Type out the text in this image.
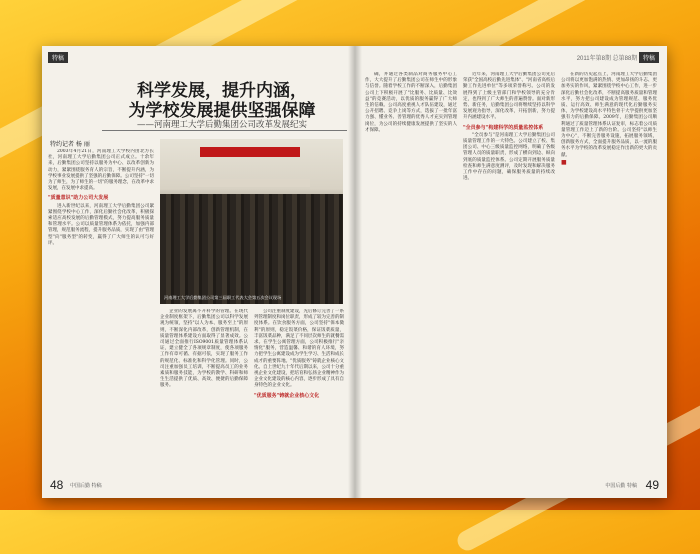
特稿
科学发展，提升内涵，
为学校发展提供坚强保障
——河南理工大学后勤集团公司改革发展纪实
特约记者 杨 丽

2003年4月21日，河南理工大学校内由北方长社，河南理工大学后勤集团公司正式成立。十余年来，后勤集团公司坚持以服务为中心、以改革创新为动力，紧紧围绕服务育人的宗旨，不断提升内涵，为学校事业发展提供了坚强的后勤保障。公司坚持"一切为了师生，为了师生的一切"的服务理念，在改革中求发展，在发展中求提高。

"质量意识"助力公司大发展

进入新世纪以来，河南理工大学后勤集团公司紧紧围绕学校中心工作，深化后勤社会化改革，积极探索适应高校发展的后勤管理模式，努力提高服务质量和管理水平。公司以质量管理体系为依托，加强内部管理，规范服务流程，提升服务品质，实现了由"管理型"向"服务型"的转变，赢得了广大师生的认可与好评。

河南理工大学后勤集团公司第三届职工代表大会第五次会议现场

企业的发展离不开科学的管理。在现代企业制度框架下，后勤集团公司以科学发展观为统领，坚持"以人为本、服务至上"的原则，不断深化内部改革，创新管理机制，在质量管理体系建设方面取得了显著成效。公司通过全面推行ISO9001质量管理体系认证，建立健全了各项规章制度，使各项服务工作有章可循、有据可依，实现了服务工作的规范化、标准化和科学化管理。同时，公司注重加强员工培训，不断提高员工的业务素质和服务技能，为学校的教学、科研和师生生活提供了优质、高效、便捷的后勤保障服务。

公司注重制度建设，先后修订完善了一系列管理制度和岗位职责，形成了较为完善的制度体系。在饮食服务方面，公司坚持"保本微利"的原则，稳定饭菜价格，保证饭菜质量，丰富饭菜品种，满足了不同层次师生的就餐需求。在学生公寓管理方面，公司积极推行"亲情化"服务，营造温馨、和谐的育人环境，努力把学生公寓建设成为学生学习、生活和成长成才的重要阵地。"优质服务"铸就企业核心文化。自上世纪九十年代后期以来，公司十分重视企业文化建设，把培育和弘扬企业精神作为企业文化建设的核心内容，逐步形成了具有自身特色的企业文化。

"优质服务"铸就企业核心文化
48 中国后勤 特稿
2011年第8期 总第88期 特稿

确，并通过各类制品对商务服务中心工作，大大提升了后勤集团公司在师生中的形象与信誉。随着学校工作的不断深入，后勤集团公司上下积极开展了"比服务、比质量、比效益"的竞赛活动，以优质的服务赢得了广大师生的信赖。公司高度重视人才队伍建设，通过公开招聘、竞争上岗等方式，选拔了一批年富力强、懂业务、善管理的优秀人才充实到管理岗位，为公司的持续健康发展提供了坚实的人才保障。

近年来，河南理工大学后勤集团公司先后荣获"全国高校后勤先进集体"、"河南省高校后勤工作先进单位"等多项荣誉称号。公司的发展得到了上级主管部门和学校领导的充分肯定，也得到了广大师生的普遍赞誉。面对新形势、新任务，后勤集团公司将继续坚持以科学发展观为指导，深化改革，开拓创新，努力提升内涵建设水平。

"全员参与"构建科学的质量监控体系

"全员参与"是河南理工大学后勤集团公司质量管理工作的一大特色。公司建立了校、集团公司、中心三级质量监控网络，明确了各级管理人员的质量职责，形成了横向到边、纵向到底的质量监控体系。公司定期开展服务质量检查和师生满意度测评，及时发现和解决服务工作中存在的问题，确保服务质量的持续改进。

在新的历史起点上，河南理工大学后勤集团公司将以更加饱满的热情、更加昂扬的斗志、更加务实的作风，紧紧围绕学校中心工作，进一步深化后勤社会化改革，不断提高服务质量和管理水平，努力把公司建设成为管理规范、服务优质、运行高效、师生满意的现代化后勤服务实体，为学校建设高水平特色骨干大学提供更加坚强有力的后勤保障。2009年，后勤集团公司顺利通过了质量管理体系认证复审，标志着公司质量管理工作迈上了新的台阶。公司坚持"以师生为中心"，不断完善服务设施，拓展服务领域，创新服务方式，全面提升服务品质，以一流的服务水平为学校的改革发展稳定作出新的更大的贡献。

■
中国后勤 特稿 49
